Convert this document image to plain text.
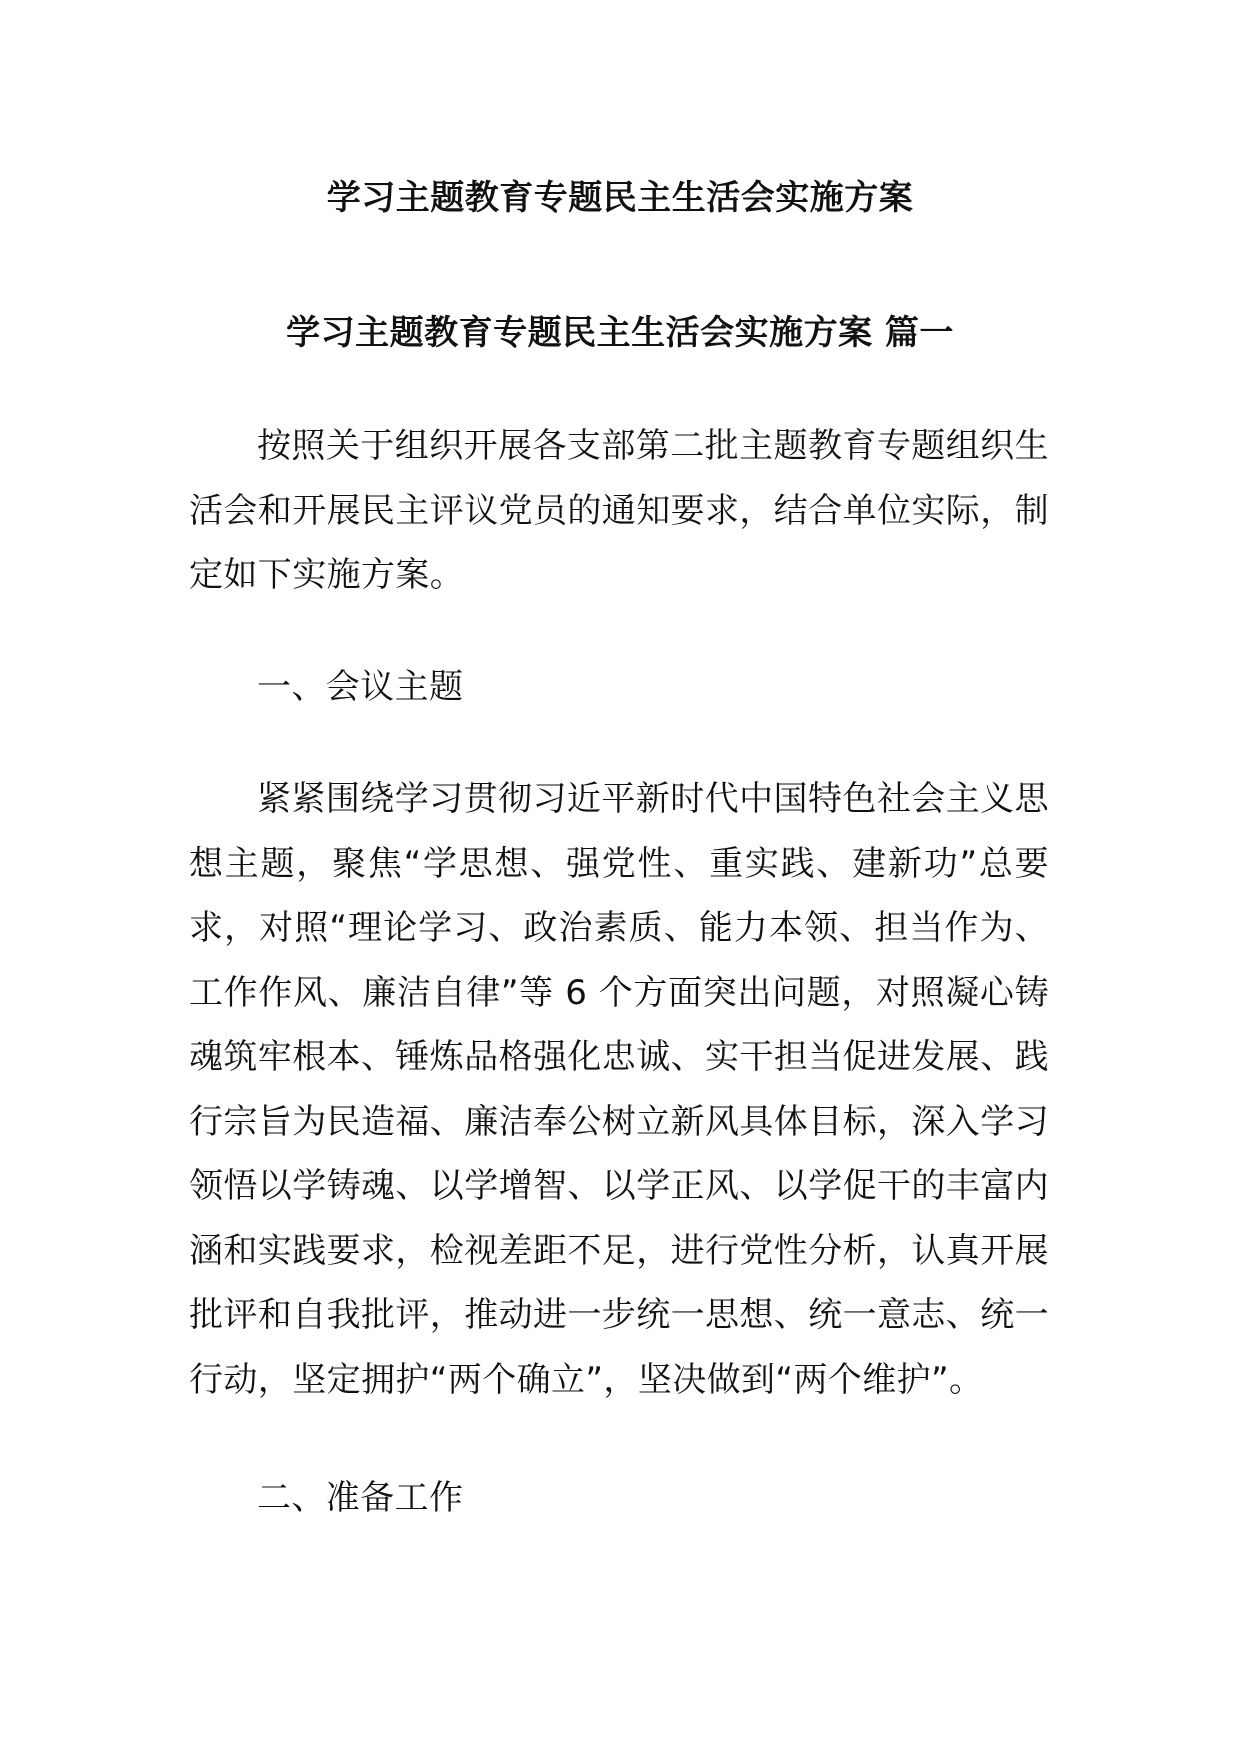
学习主题教育专题民主生活会实施方案
学习主题教育专题民主生活会实施方案 篇一
按照关于组织开展各支部第二批主题教育专题组织生活会和开展民主评议党员的通知要求，结合单位实际，制定如下实施方案。
一、会议主题
紧紧围绕学习贯彻习近平新时代中国特色社会主义思想主题，聚焦“学思想、强党性、重实践、建新功”总要求，对照“理论学习、政治素质、能力本领、担当作为、工作作风、廉洁自律”等 6 个方面突出问题，对照凝心铸魂筑牢根本、锤炼品格强化忠诚、实干担当促进发展、践行宗旨为民造福、廉洁奉公树立新风具体目标，深入学习领悟以学铸魂、以学增智、以学正风、以学促干的丰富内涵和实践要求，检视差距不足，进行党性分析，认真开展批评和自我批评，推动进一步统一思想、统一意志、统一行动，坚定拥护“两个确立”，坚决做到“两个维护”。
二、准备工作
